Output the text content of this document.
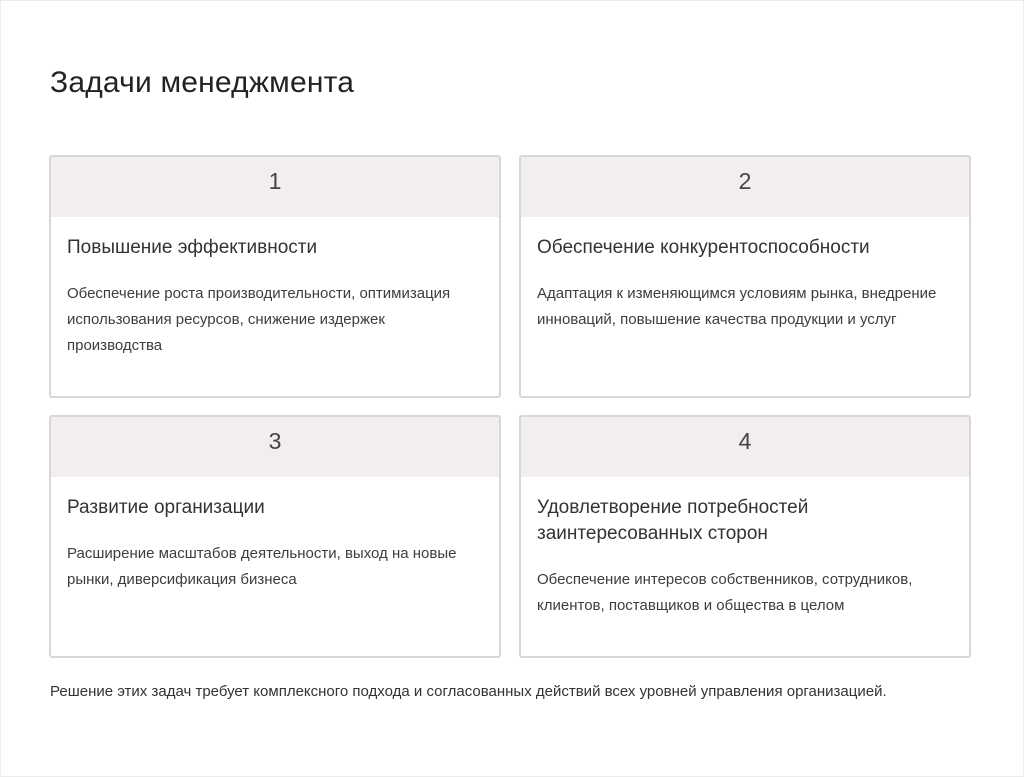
Задачи менеджмента
1
Повышение эффективности

Обеспечение роста производительности, оптимизация использования ресурсов, снижение издержек производства

2
Обеспечение конкурентоспособности

Адаптация к изменяющимся условиям рынка, внедрение инноваций, повышение качества продукции и услуг

3
Развитие организации

Расширение масштабов деятельности, выход на новые рынки, диверсификация бизнеса

4
Удовлетворение потребностей заинтересованных сторон

Обеспечение интересов собственников, сотрудников, клиентов, поставщиков и общества в целом

Решение этих задач требует комплексного подхода и согласованных действий всех уровней управления организацией.
